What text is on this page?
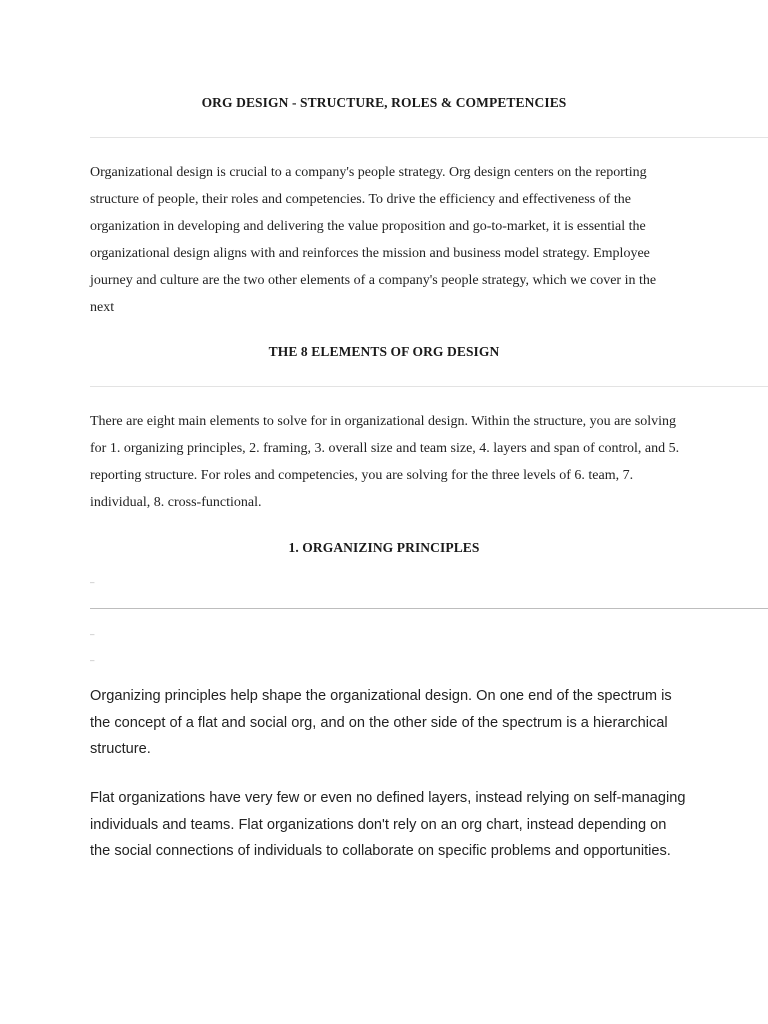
ORG DESIGN - STRUCTURE, ROLES & COMPETENCIES

Organizational design is crucial to a company's people strategy. Org design centers on the reporting structure of people, their roles and competencies. To drive the efficiency and effectiveness of the organization in developing and delivering the value proposition and go-to-market, it is essential the organizational design aligns with and reinforces the mission and business model strategy. Employee journey and culture are the two other elements of a company's people strategy, which we cover in the next

THE 8 ELEMENTS OF ORG DESIGN

There are eight main elements to solve for in organizational design. Within the structure, you are solving for 1. organizing principles, 2. framing, 3. overall size and team size, 4. layers and span of control, and 5. reporting structure. For roles and competencies, you are solving for the three levels of 6. team, 7. individual, 8. cross-functional.

1. ORGANIZING PRINCIPLES
–
–
–

Organizing principles help shape the organizational design. On one end of the spectrum is the concept of a flat and social org, and on the other side of the spectrum is a hierarchical structure.

Flat organizations have very few or even no defined layers, instead relying on self-managing individuals and teams. Flat organizations don't rely on an org chart, instead depending on the social connections of individuals to collaborate on specific problems and opportunities.
